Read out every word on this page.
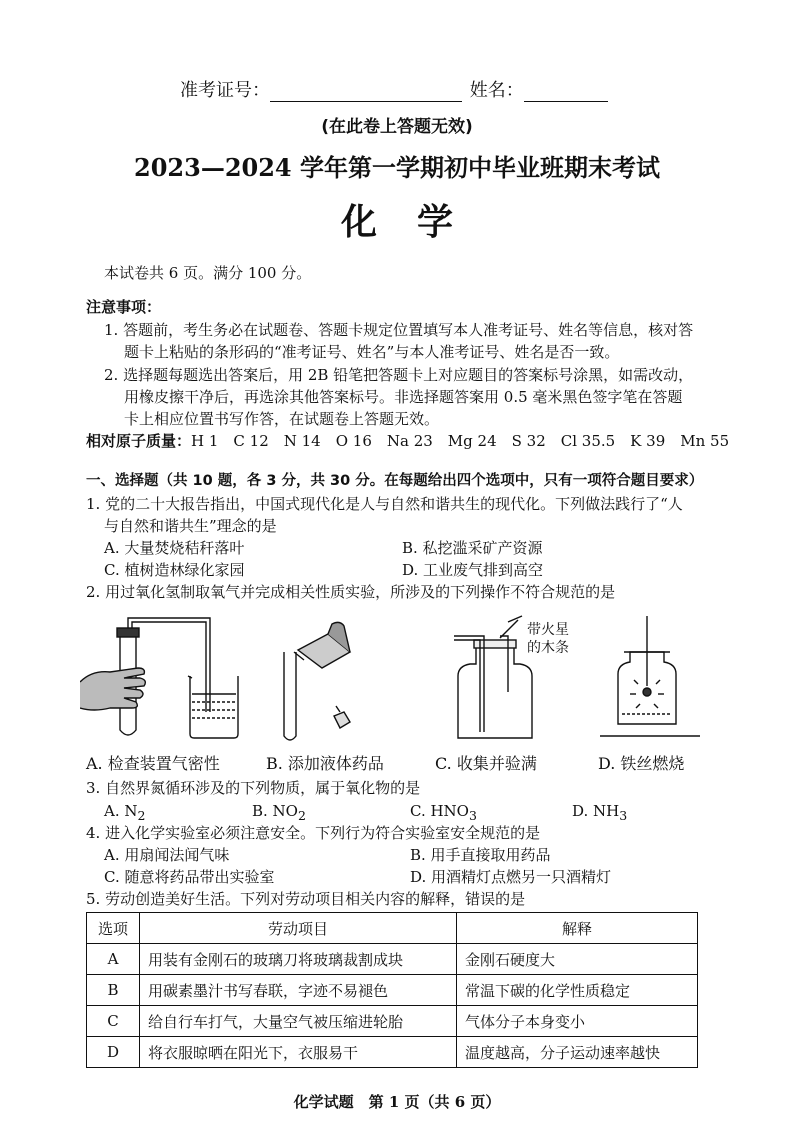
准考证号：	姓名：
(在此卷上答题无效)
2023—2024 学年第一学期初中毕业班期末考试
化学
本试卷共 6 页。满分 100 分。
注意事项：
1. 答题前，考生务必在试题卷、答题卡规定位置填写本人准考证号、姓名等信息，核对答
题卡上粘贴的条形码的“准考证号、姓名”与本人准考证号、姓名是否一致。
2. 选择题每题选出答案后，用 2B 铅笔把答题卡上对应题目的答案标号涂黑，如需改动，
用橡皮擦干净后，再选涂其他答案标号。非选择题答案用 0.5 毫米黑色签字笔在答题
卡上相应位置书写作答，在试题卷上答题无效。
相对原子质量：H 1　C 12　N 14　O 16　Na 23　Mg 24　S 32　Cl 35.5　K 39　Mn 55
一、选择题（共 10 题，各 3 分，共 30 分。在每题给出四个选项中，只有一项符合题目要求）
1. 党的二十大报告指出，中国式现代化是人与自然和谐共生的现代化。下列做法践行了“人
与自然和谐共生”理念的是
A. 大量焚烧秸秆落叶	B. 私挖滥采矿产资源
C. 植树造林绿化家园	D. 工业废气排到高空
2. 用过氧化氢制取氧气并完成相关性质实验，所涉及的下列操作不符合规范的是
带火星
的木条
A. 检查装置气密性	B. 添加液体药品	C. 收集并验满	D. 铁丝燃烧
3. 自然界氮循环涉及的下列物质，属于氧化物的是
A. $N_2$	B. $NO_2$	C. $HNO_3$	D. $NH_3$
4. 进入化学实验室必须注意安全。下列行为符合实验室安全规范的是
A. 用扇闻法闻气味	B. 用手直接取用药品
C. 随意将药品带出实验室	D. 用酒精灯点燃另一只酒精灯
5. 劳动创造美好生活。下列对劳动项目相关内容的解释，错误的是
选项	劳动项目	解释
A	用装有金刚石的玻璃刀将玻璃裁割成块	金刚石硬度大
B	用碳素墨汁书写春联，字迹不易褪色	常温下碳的化学性质稳定
C	给自行车打气，大量空气被压缩进轮胎	气体分子本身变小
D	将衣服晾晒在阳光下，衣服易干	温度越高，分子运动速率越快
化学试题　第 1 页（共 6 页）
